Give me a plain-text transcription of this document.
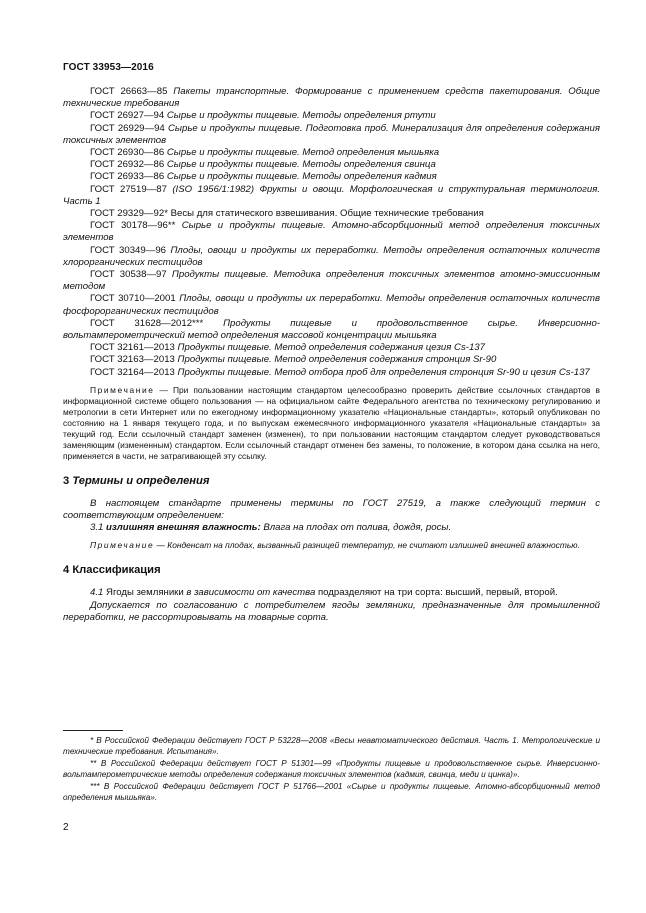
ГОСТ 33953—2016

ГОСТ 26663—85 Пакеты транспортные. Формирование с применением средств пакетирования. Общие технические требования

ГОСТ 26927—94 Сырье и продукты пищевые. Методы определения ртути

ГОСТ 26929—94 Сырье и продукты пищевые. Подготовка проб. Минерализация для определения содержания токсичных элементов

ГОСТ 26930—86 Сырье и продукты пищевые. Метод определения мышьяка

ГОСТ 26932—86 Сырье и продукты пищевые. Методы определения свинца

ГОСТ 26933—86 Сырье и продукты пищевые. Методы определения кадмия

ГОСТ 27519—87 (ISO 1956/1:1982) Фрукты и овощи. Морфологическая и структуральная терминология. Часть 1

ГОСТ 29329—92* Весы для статического взвешивания. Общие технические требования

ГОСТ 30178—96** Сырье и продукты пищевые. Атомно-абсорбционный метод определения токсичных элементов

ГОСТ 30349—96 Плоды, овощи и продукты их переработки. Методы определения остаточных количеств хлорорганических пестицидов

ГОСТ 30538—97 Продукты пищевые. Методика определения токсичных элементов атомно-эмиссионным методом

ГОСТ 30710—2001 Плоды, овощи и продукты их переработки. Методы определения остаточных количеств фосфорорганических пестицидов

ГОСТ 31628—2012*** Продукты пищевые и продовольственное сырье. Инверсионно-вольтамперометрический метод определения массовой концентрации мышьяка

ГОСТ 32161—2013 Продукты пищевые. Метод определения содержания цезия Cs-137

ГОСТ 32163—2013 Продукты пищевые. Метод определения содержания стронция Sr-90

ГОСТ 32164—2013 Продукты пищевые. Метод отбора проб для определения стронция Sr-90 и цезия Cs-137

Примечание — При пользовании настоящим стандартом целесообразно проверить действие ссылочных стандартов в информационной системе общего пользования — на официальном сайте Федерального агентства по техническому регулированию и метрологии в сети Интернет или по ежегодному информационному указателю «Национальные стандарты», который опубликован по состоянию на 1 января текущего года, и по выпускам ежемесячного информационного указателя «Национальные стандарты» за текущий год. Если ссылочный стандарт заменен (изменен), то при пользовании настоящим стандартом следует руководствоваться заменяющим (измененным) стандартом. Если ссылочный стандарт отменен без замены, то положение, в котором дана ссылка на него, применяется в части, не затрагивающей эту ссылку.

3 Термины и определения

В настоящем стандарте применены термины по ГОСТ 27519, а также следующий термин с соответствующим определением:

3.1 излишняя внешняя влажность: Влага на плодах от полива, дождя, росы.

Примечание — Конденсат на плодах, вызванный разницей температур, не считают излишней внешней влажностью.

4 Классификация

4.1 Ягоды земляники в зависимости от качества подразделяют на три сорта: высший, первый, второй.

Допускается по согласованию с потребителем ягоды земляники, предназначенные для промышленной переработки, не рассортировывать на товарные сорта.

* В Российской Федерации действует ГОСТ Р 53228—2008 «Весы неавтоматического действия. Часть 1. Метрологические и технические требования. Испытания».

** В Российской Федерации действует ГОСТ Р 51301—99 «Продукты пищевые и продовольственное сырье. Инверсионно-вольтамперометрические методы определения содержания токсичных элементов (кадмия, свинца, меди и цинка)».

*** В Российской Федерации действует ГОСТ Р 51766—2001 «Сырье и продукты пищевые. Атомно-абсорбционный метод определения мышьяка».

2
